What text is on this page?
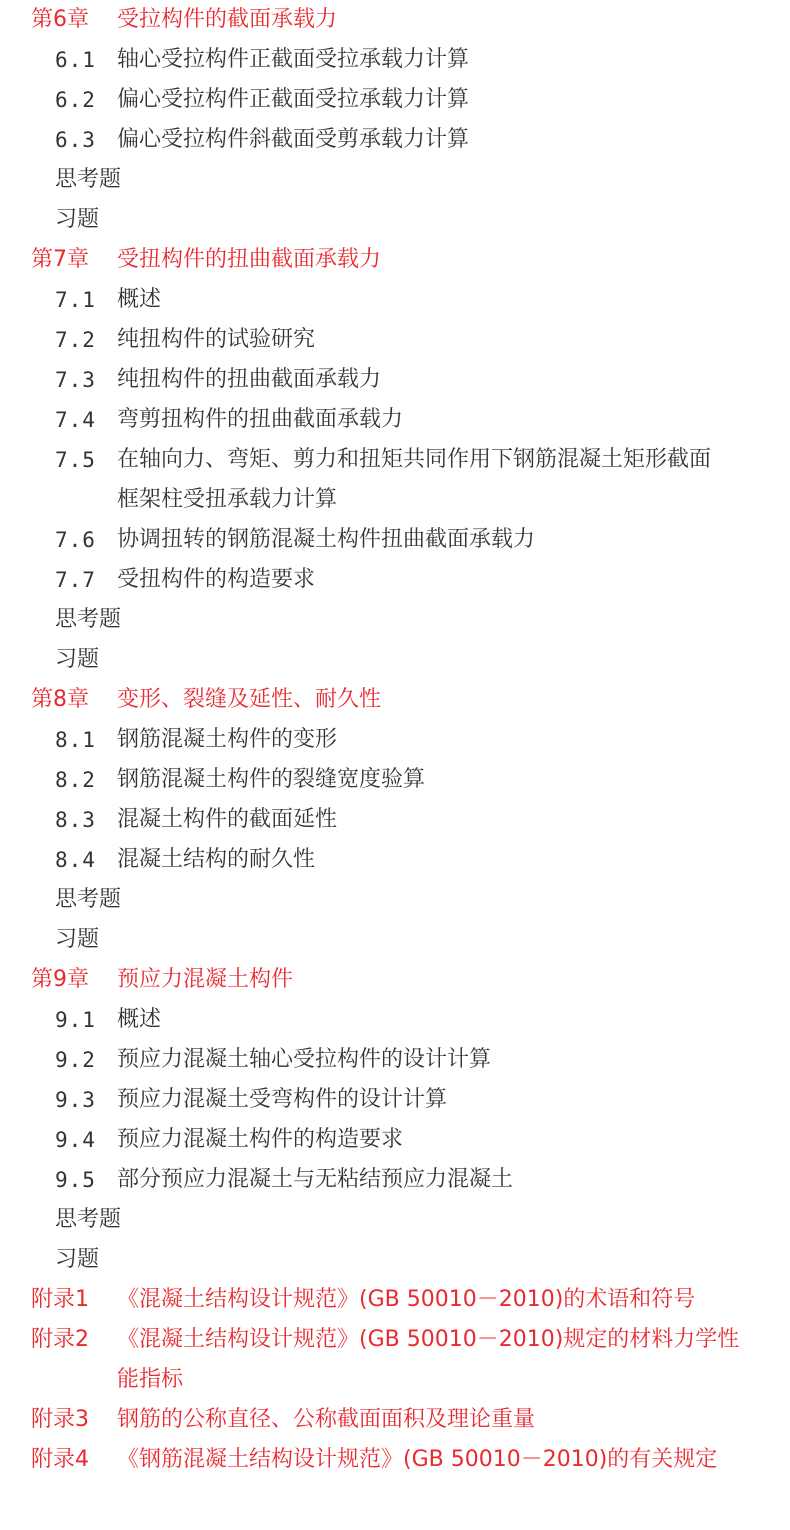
第6章 受拉构件的截面承载力
6.1 轴心受拉构件正截面受拉承载力计算
6.2 偏心受拉构件正截面受拉承载力计算
6.3 偏心受拉构件斜截面受剪承载力计算
思考题
习题
第7章 受扭构件的扭曲截面承载力
7.1 概述
7.2 纯扭构件的试验研究
7.3 纯扭构件的扭曲截面承载力
7.4 弯剪扭构件的扭曲截面承载力
7.5 在轴向力、弯矩、剪力和扭矩共同作用下钢筋混凝土矩形截面
框架柱受扭承载力计算
7.6 协调扭转的钢筋混凝土构件扭曲截面承载力
7.7 受扭构件的构造要求
思考题
习题
第8章 变形、裂缝及延性、耐久性
8.1 钢筋混凝土构件的变形
8.2 钢筋混凝土构件的裂缝宽度验算
8.3 混凝土构件的截面延性
8.4 混凝土结构的耐久性
思考题
习题
第9章 预应力混凝土构件
9.1 概述
9.2 预应力混凝土轴心受拉构件的设计计算
9.3 预应力混凝土受弯构件的设计计算
9.4 预应力混凝土构件的构造要求
9.5 部分预应力混凝土与无粘结预应力混凝土
思考题
习题
附录1 《混凝土结构设计规范》(GB 50010－2010)的术语和符号
附录2 《混凝土结构设计规范》(GB 50010－2010)规定的材料力学性
能指标
附录3 钢筋的公称直径、公称截面面积及理论重量
附录4 《钢筋混凝土结构设计规范》(GB 50010－2010)的有关规定
